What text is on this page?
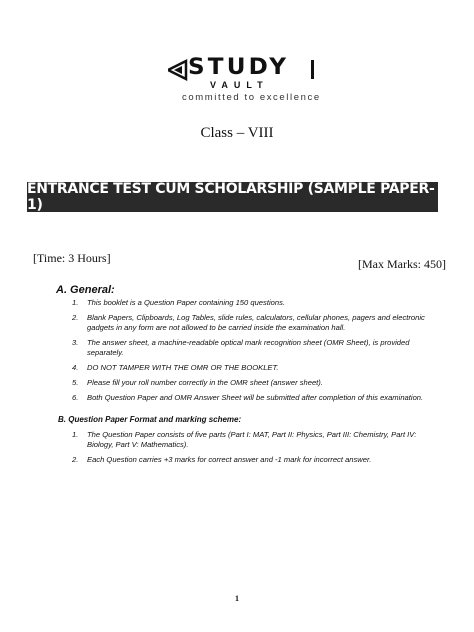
STUDY
VAULT
committed to excellence
Class – VIII
ENTRANCE TEST CUM SCHOLARSHIP (SAMPLE PAPER-1)
[Time: 3 Hours]	[Max Marks: 450]
A. General:
1. This booklet is a Question Paper containing 150 questions.
2. Blank Papers, Clipboards, Log Tables, slide rules, calculators, cellular phones, pagers and electronic gadgets in any form are not allowed to be carried inside the examination hall.
3. The answer sheet, a machine-readable optical mark recognition sheet (OMR Sheet), is provided separately.
4. DO NOT TAMPER WITH THE OMR OR THE BOOKLET.
5. Please fill your roll number correctly in the OMR sheet (answer sheet).
6. Both Question Paper and OMR Answer Sheet will be submitted after completion of this examination.
B. Question Paper Format and marking scheme:
1. The Question Paper consists of five parts (Part I: MAT, Part II: Physics, Part III: Chemistry, Part IV: Biology, Part V: Mathematics).
2. Each Question carries +3 marks for correct answer and -1 mark for incorrect answer.
1
